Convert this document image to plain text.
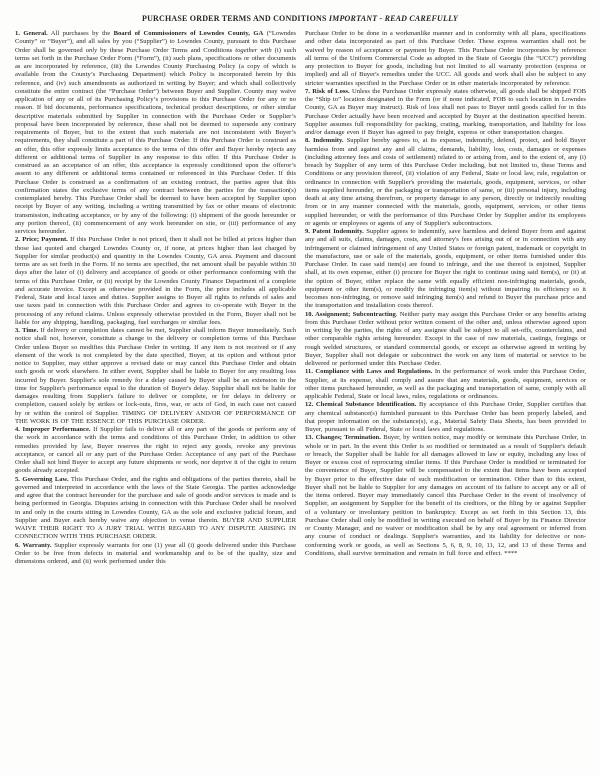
PURCHASE ORDER TERMS AND CONDITIONS IMPORTANT - READ CAREFULLY

1. General. All purchases by the Board of Commissioners of Lowndes County, GA (“Lowndes County” or “Buyer”), and all sales by you (“Supplier”) to Lowndes County, pursuant to this Purchase Order shall be governed only by these Purchase Order Terms and Conditions together with (i) such terms set forth in the Purchase Order Form (“Form”), (ii) such plans, specifications or other documents as are incorporated by reference, (iii) the Lowndes County Purchasing Policy (a copy of which is available from the County’s Purchasing Department) which Policy is incorporated herein by this reference, and (iv) such amendments as authorized in writing by Buyer; and which shall collectively constitute the entire contract (the “Purchase Order”) between Buyer and Supplier. County may waive application of any or all of its Purchasing Policy’s provisions to this Purchase Order for any or no reason. If bid documents, performance specifications, technical product descriptions, or other similar descriptive materials submitted by Supplier in connection with the Purchase Order or Supplier’s proposal have been incorporated by reference, these shall not be deemed to supersede any contrary requirements of Buyer, but to the extent that such materials are not inconsistent with Buyer’s requirements, they shall constitute a part of this Purchase Order. If this Purchase Order is construed as an offer, this offer expressly limits acceptance to the terms of this offer and Buyer hereby rejects any different or additional terms of Supplier in any response to this offer. If this Purchase Order is construed as an acceptance of an offer, this acceptance is expressly conditioned upon the offeror’s assent to any different or additional terms contained or referenced in this Purchase Order. If this Purchase Order is construed as a confirmation of an existing contract, the parties agree that this confirmation states the exclusive terms of any contract between the parties for the transaction(s) contemplated hereby. This Purchase Order shall be deemed to have been accepted by Supplier upon receipt by Buyer of any writing, including a writing transmitted by fax or other means of electronic transmission, indicating acceptance, or by any of the following: (i) shipment of the goods hereunder or any portion thereof, (ii) commencement of any work hereunder on site, or (iii) performance of any services hereunder.

2. Price; Payment. If this Purchase Order is not priced, then it shall not be billed at prices higher than those last quoted and charged Lowndes County or, if none, at prices higher than last charged by Supplier for similar product(s) and quantity in the Lowndes County, GA area. Payment and discount terms are as set forth in the Form. If no terms are specified, the net amount shall be payable within 30 days after the later of (i) delivery and acceptance of goods or other performance conforming with the terms of this Purchase Order, or (ii) receipt by the Lowndes County Finance Department of a complete and accurate invoice. Except as otherwise provided in the Form, the price includes all applicable Federal, State and local taxes and duties. Supplier assigns to Buyer all rights to refunds of sales and use taxes paid in connection with this Purchase Order and agrees to co-operate with Buyer in the processing of any refund claims. Unless expressly otherwise provided in the Form, Buyer shall not be liable for any shipping, handling, packaging, fuel surcharges or similar fees.

3. Time. If delivery or completion dates cannot be met, Supplier shall inform Buyer immediately. Such notice shall not, however, constitute a change to the delivery or completion terms of this Purchase Order unless Buyer so modifies this Purchase Order in writing. If any item is not received or if any element of the work is not completed by the date specified, Buyer, at its option and without prior notice to Supplier, may either approve a revised date or may cancel this Purchase Order and obtain such goods or work elsewhere. In either event, Supplier shall be liable to Buyer for any resulting loss incurred by Buyer. Supplier's sole remedy for a delay caused by Buyer shall be an extension in the time for Supplier's performance equal to the duration of Buyer's delay. Supplier shall not be liable for damages resulting from Supplier's failure to deliver or complete, or for delays in delivery or completion, caused solely by strikes or lock-outs, fires, war, or acts of God, in each case not caused by or within the control of Supplier. TIMING OF DELIVERY AND/OR OF PERFORMANCE OF THE WORK IS OF THE ESSENCE OF THIS PURCHASE ORDER.

4. Improper Performance. If Supplier fails to deliver all or any part of the goods or perform any of the work in accordance with the terms and conditions of this Purchase Order, in addition to other remedies provided by law, Buyer reserves the right to reject any goods, revoke any previous acceptance, or cancel all or any part of the Purchase Order. Acceptance of any part of the Purchase Order shall not bind Buyer to accept any future shipments or work, nor deprive it of the right to return goods already accepted.

5. Governing Law. This Purchase Order, and the rights and obligations of the parties thereto, shall be governed and interpreted in accordance with the laws of the State Georgia. The parties acknowledge and agree that the contract hereunder for the purchase and sale of goods and/or services is made and is being performed in Georgia. Disputes arising in connection with this Purchase Order shall be resolved in and only in the courts sitting in Lowndes County, GA as the sole and exclusive judicial forum, and Supplier and Buyer each hereby waive any objection to venue therein. BUYER AND SUPPLIER WAIVE THEIR RIGHT TO A JURY TRIAL WITH REGARD TO ANY DISPUTE ARISING IN CONNECTION WITH THIS PURCHASE ORDER.

6. Warranty. Supplier expressly warrants for one (1) year all (i) goods delivered under this Purchase Order to be free from defects in material and workmanship and to be of the quality, size and dimensions ordered, and (ii) work performed under this

Purchase Order to be done in a workmanlike manner and in conformity with all plans, specifications and other data incorporated as part of this Purchase Order. These express warranties shall not be waived by reason of acceptance or payment by Buyer. This Purchase Order incorporates by reference all terms of the Uniform Commercial Code as adopted in the State of Georgia (the “UCC”) providing any protection to Buyer for goods, including but not limited to all warranty protection (express or implied) and all of Buyer's remedies under the UCC. All goods and work shall also be subject to any stricter warranties specified in the Purchase Order or in other materials incorporated by reference.

7. Risk of Loss. Unless the Purchase Order expressly states otherwise, all goods shall be shipped FOB the “Ship to” location designated in the Form (or if none indicated, FOB to such location in Lowndes County, GA as Buyer may instruct). Risk of loss shall not pass to Buyer until goods called for in this Purchase Order actually have been received and accepted by Buyer at the destination specified herein. Supplier assumes full responsibility for packing, crating, marking, transportation, and liability for loss and/or damage even if Buyer has agreed to pay freight, express or other transportation charges.

8. Indemnity. Supplier hereby agrees to, at its expense, indemnify, defend, protect, and hold Buyer harmless from and against any and all claims, demands, liability, loss, costs, damages or expenses (including attorney fees and costs of settlement) related to or arising from, and to the extent of, any (i) breach by Supplier of any term of this Purchase Order including, but not limited to, these Terms and Conditions or any provision thereof, (ii) violation of any Federal, State or local law, rule, regulation or ordinance in connection with Supplier's providing the materials, goods, equipment, services, or other items supplied hereunder, or the packaging or transportation of same, or (iii) personal injury, including death at any time arising therefrom, or property damage to any person, directly or indirectly resulting from or in any manner connected with the materials, goods, equipment, services, or other items supplied hereunder, or with the performance of this Purchase Order by Supplier and/or its employees or agents or employees or agents of any of Supplier's subcontractors.

9. Patent Indemnity. Supplier agrees to indemnify, save harmless and defend Buyer from and against any and all suits, claims, damages, costs, and attorney's fees arising out of or in connection with any infringement or claimed infringement of any United States or foreign patent, trademark or copyright in the manufacture, use or sale of the materials, goods, equipment, or other items furnished under this Purchase Order. In case said item(s) are found to infringe, and the use thereof is enjoined, Supplier shall, at its own expense, either (i) procure for Buyer the right to continue using said item(s), or (ii) at the option of Buyer, either replace the same with equally efficient non-infringing materials, goods, equipment or other item(s), or modify the infringing item(s) without impairing its efficiency so it becomes non-infringing, or remove said infringing item(s) and refund to Buyer the purchase price and the transportation and installation costs thereof.

10. Assignment; Subcontracting. Neither party may assign this Purchase Order or any benefits arising from this Purchase Order without prior written consent of the other and, unless otherwise agreed upon in writing by the parties, the rights of any assignee shall be subject to all set-offs, counterclaims, and other comparable rights arising hereunder. Except in the case of raw materials, castings, forgings or rough welded structures, or standard commercial goods, or except as otherwise agreed in writing by Buyer, Supplier shall not delegate or subcontract the work on any item of material or service to be delivered or performed under this Purchase Order.

11. Compliance with Laws and Regulations. In the performance of work under this Purchase Order, Supplier, at its expense, shall comply and assure that any materials, goods, equipment, services or other items purchased hereunder, as well as the packaging and transportation of same, comply with all applicable Federal, State or local laws, rules, regulations or ordinances.

12. Chemical Substance Identification. By acceptance of this Purchase Order, Supplier certifies that any chemical substance(s) furnished pursuant to this Purchase Order has been properly labeled, and that proper information on the substance(s), e.g., Material Safety Data Sheets, has been provided to Buyer, pursuant to all Federal, State or local laws and regulations.

13. Changes; Termination. Buyer, by written notice, may modify or terminate this Purchase Order, in whole or in part. In the event this Order is so modified or terminated as a result of Supplier's default or breach, the Supplier shall be liable for all damages allowed in law or equity, including any loss of Buyer or excess cost of reprocuring similar items. If this Purchase Order is modified or terminated for the convenience of Buyer, Supplier will be compensated to the extent that items have been accepted by Buyer prior to the effective date of such modification or termination. Other than to this extent, Buyer shall not be liable to Supplier for any damages on account of its failure to accept any or all of the items ordered. Buyer may immediately cancel this Purchase Order in the event of insolvency of Supplier, an assignment by Supplier for the benefit of its creditors, or the filing by or against Supplier of a voluntary or involuntary petition in bankruptcy. Except as set forth in this Section 13, this Purchase Order shall only be modified in writing executed on behalf of Buyer by its Finance Director or County Manager, and no waiver or modification shall be by any oral agreement or inferred from any course of conduct or dealings. Supplier's warranties, and its liability for defective or non-conforming work or goods, as well as Sections 5, 6, 8, 9, 10, 11, 12, and 13 of these Terms and Conditions, shall survive termination and remain in full force and effect. ****
